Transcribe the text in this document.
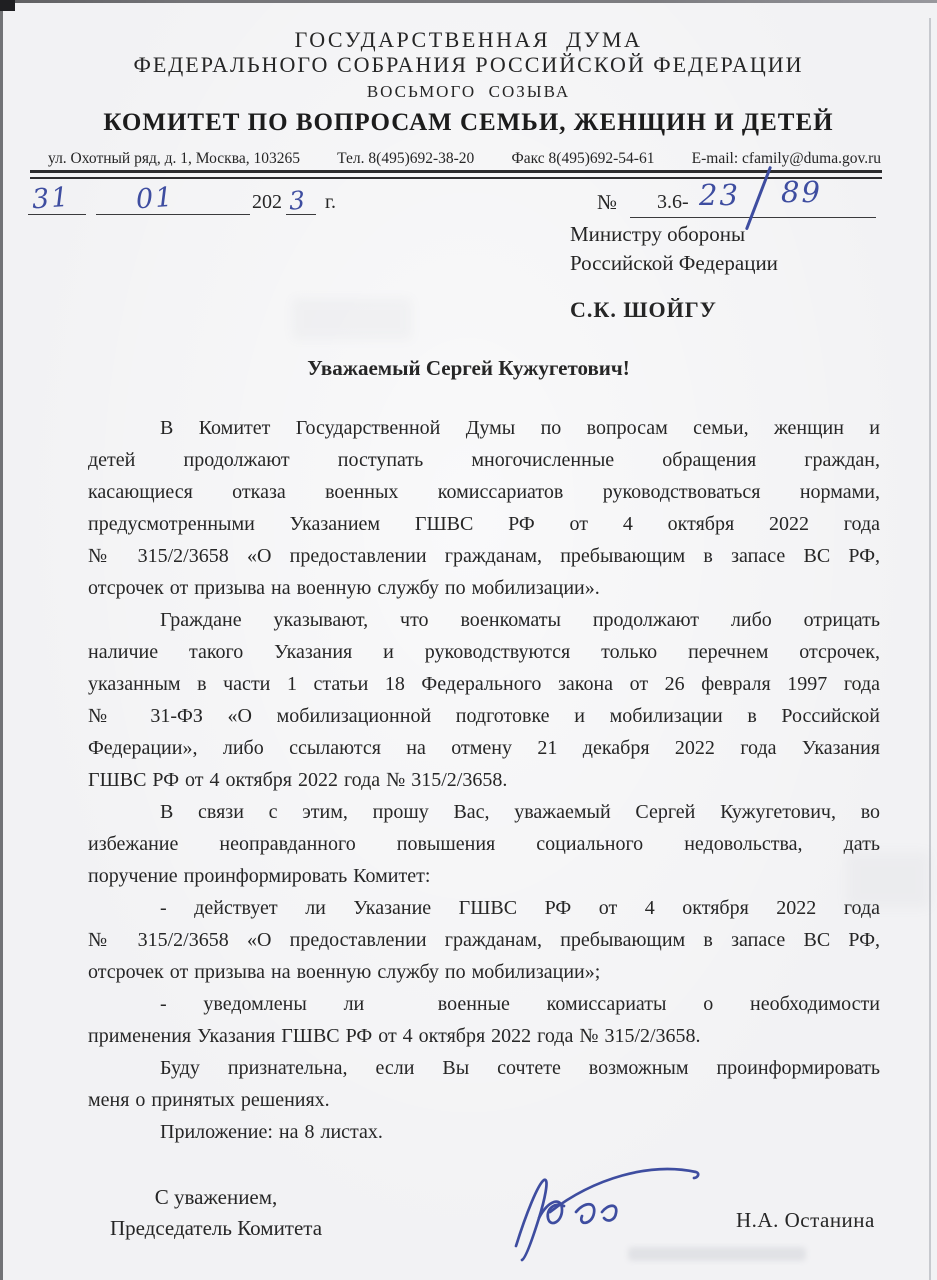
ГОСУДАРСТВЕННАЯ  ДУМА
ФЕДЕРАЛЬНОГО СОБРАНИЯ РОССИЙСКОЙ ФЕДЕРАЦИИ
ВОСЬМОГО  СОЗЫВА
КОМИТЕТ ПО ВОПРОСАМ СЕМЬИ, ЖЕНЩИН И ДЕТЕЙ
ул. Охотный ряд, д. 1, Москва, 103265 Тел. 8(495)692-38-20 Факс 8(495)692-54-61 E-mail: cfamily@duma.gov.ru
31 01	202 3 г.	№ 3.6- 23 89
Министру обороны
Российской Федерации
С.К. ШОЙГУ
Уважаемый Сергей Кужугетович!
В Комитет Государственной Думы по вопросам семьи, женщин и
детей продолжают поступать многочисленные обращения граждан,
касающиеся отказа военных комиссариатов руководствоваться нормами,
предусмотренными Указанием ГШВС РФ от 4 октября 2022 года
№ 315/2/3658 «О предоставлении гражданам, пребывающим в запасе ВС РФ,
отсрочек от призыва на военную службу по мобилизации».
Граждане указывают, что военкоматы продолжают либо отрицать
наличие такого Указания и руководствуются только перечнем отсрочек,
указанным в части 1 статьи 18 Федерального закона от 26 февраля 1997 года
№ 31-ФЗ «О мобилизационной подготовке и мобилизации в Российской
Федерации», либо ссылаются на отмену 21 декабря 2022 года Указания
ГШВС РФ от 4 октября 2022 года № 315/2/3658.
В связи с этим, прошу Вас, уважаемый Сергей Кужугетович, во
избежание неоправданного повышения социального недовольства, дать
поручение проинформировать Комитет:
- действует ли Указание ГШВС РФ от 4 октября 2022 года
№ 315/2/3658 «О предоставлении гражданам, пребывающим в запасе ВС РФ,
отсрочек от призыва на военную службу по мобилизации»;
- уведомлены ли  военные комиссариаты о необходимости
применения Указания ГШВС РФ от 4 октября 2022 года № 315/2/3658.
Буду признательна, если Вы сочтете возможным проинформировать
меня о принятых решениях.
Приложение: на 8 листах.
С уважением,
Председатель Комитета	Н.А. Останина
